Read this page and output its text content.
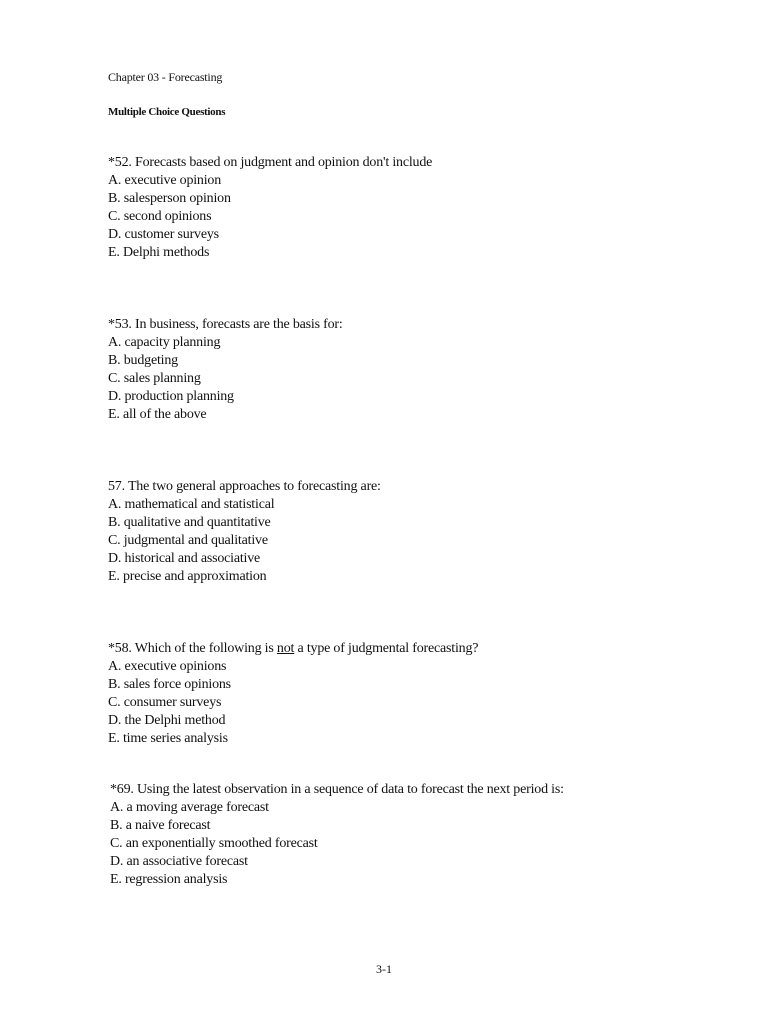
Chapter 03 - Forecasting
Multiple Choice Questions
*52. Forecasts based on judgment and opinion don't include
A. executive opinion
B. salesperson opinion
C. second opinions
D. customer surveys
E. Delphi methods
*53. In business, forecasts are the basis for:
A. capacity planning
B. budgeting
C. sales planning
D. production planning
E. all of the above
57. The two general approaches to forecasting are:
A. mathematical and statistical
B. qualitative and quantitative
C. judgmental and qualitative
D. historical and associative
E. precise and approximation
*58. Which of the following is not a type of judgmental forecasting?
A. executive opinions
B. sales force opinions
C. consumer surveys
D. the Delphi method
E. time series analysis
*69. Using the latest observation in a sequence of data to forecast the next period is:
A. a moving average forecast
B. a naive forecast
C. an exponentially smoothed forecast
D. an associative forecast
E. regression analysis
3-1
